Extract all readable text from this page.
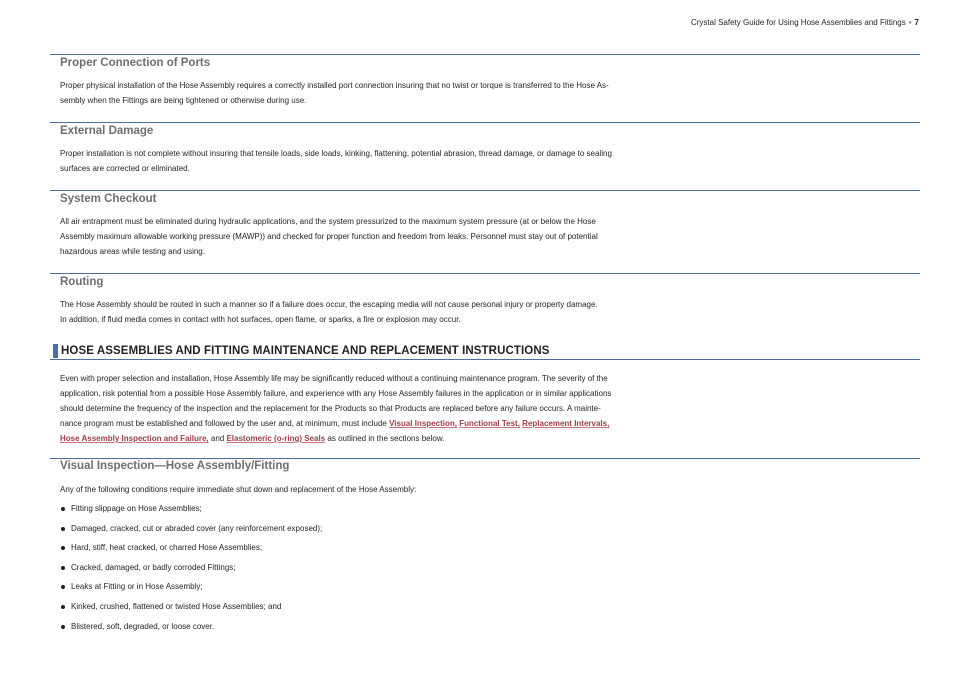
Crystal Safety Guide for Using Hose Assemblies and Fittings • 7
Proper Connection of Ports

Proper physical installation of the Hose Assembly requires a correctly installed port connection insuring that no twist or torque is transferred to the Hose As-
sembly when the Fittings are being tightened or otherwise during use.

External Damage

Proper installation is not complete without insuring that tensile loads, side loads, kinking, flattening, potential abrasion, thread damage, or damage to sealing
surfaces are corrected or eliminated.

System Checkout

All air entrapment must be eliminated during hydraulic applications, and the system pressurized to the maximum system pressure (at or below the Hose
Assembly maximum allowable working pressure (MAWP)) and checked for proper function and freedom from leaks. Personnel must stay out of potential
hazardous areas while testing and using.

Routing

The Hose Assembly should be routed in such a manner so if a failure does occur, the escaping media will not cause personal injury or property damage.
In addition, if fluid media comes in contact with hot surfaces, open flame, or sparks, a fire or explosion may occur.

HOSE ASSEMBLIES AND FITTING MAINTENANCE AND REPLACEMENT INSTRUCTIONS

Even with proper selection and installation, Hose Assembly life may be significantly reduced without a continuing maintenance program. The severity of the
application, risk potential from a possible Hose Assembly failure, and experience with any Hose Assembly failures in the application or in similar applications
should determine the frequency of the inspection and the replacement for the Products so that Products are replaced before any failure occurs. A mainte-
nance program must be established and followed by the user and, at minimum, must include Visual Inspection, Functional Test, Replacement Intervals,
Hose Assembly Inspection and Failure, and Elastomeric (o-ring) Seals as outlined in the sections below.

Visual Inspection—Hose Assembly/Fitting

Any of the following conditions require immediate shut down and replacement of the Hose Assembly:

Fitting slippage on Hose Assemblies;
Damaged, cracked, cut or abraded cover (any reinforcement exposed);
Hard, stiff, heat cracked, or charred Hose Assemblies;
Cracked, damaged, or badly corroded Fittings;
Leaks at Fitting or in Hose Assembly;
Kinked, crushed, flattened or twisted Hose Assemblies; and
Blistered, soft, degraded, or loose cover.
